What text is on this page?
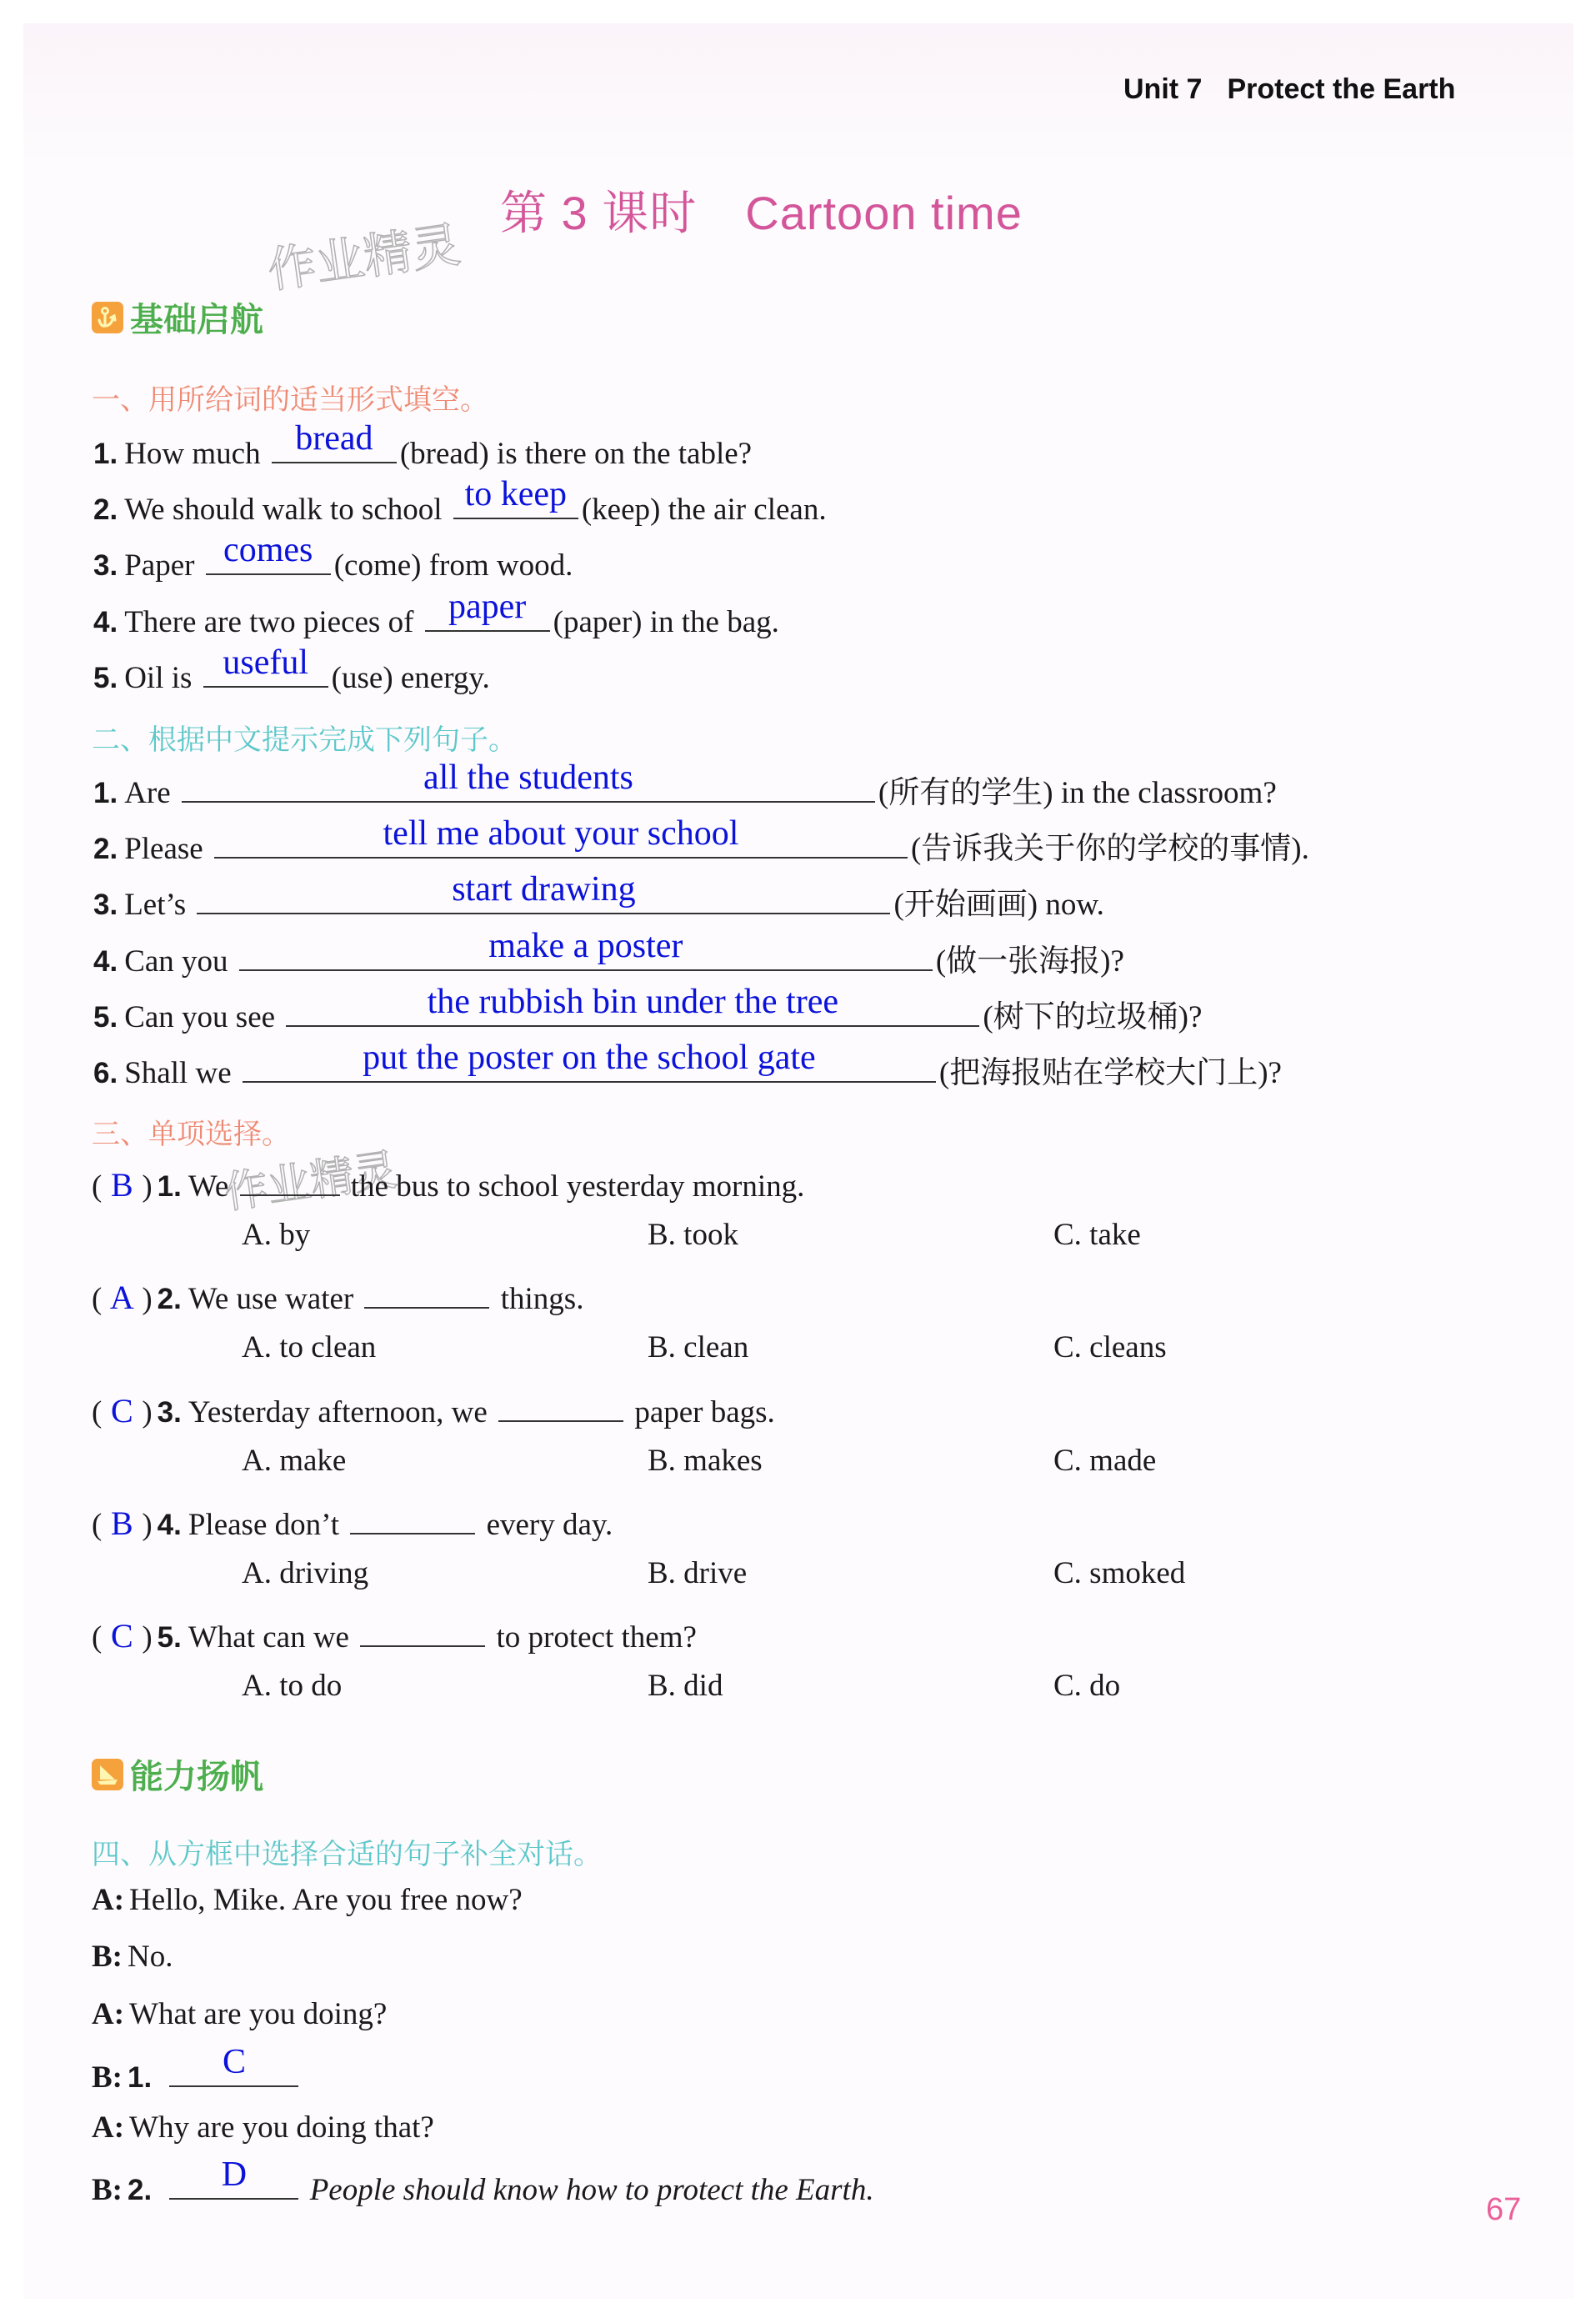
Unit 7 Protect the Earth
第 3 课时 Cartoon time
作业精灵
作业精灵
基础启航
一、用所给词的适当形式填空。
1. How much bread (bread) is there on the table?
2. We should walk to school to keep (keep) the air clean.
3. Paper comes (come) from wood.
4. There are two pieces of paper (paper) in the bag.
5. Oil is useful (use) energy.
二、根据中文提示完成下列句子。
1. Are	all the students	(所有的学生) in the classroom?
2. Please	tell me about your school	(告诉我关于你的学校的事情).
3. Let’s	start drawing	(开始画画) now.
4. Can you	make a poster	(做一张海报)?
5. Can you see	the rubbish bin under the tree	(树下的垃圾桶)?
6. Shall we	put the poster on the school gate	(把海报贴在学校大门上)?
三、单项选择。
( B ) 1. We	the bus to school yesterday morning.
A. by	B. took	C. take
( A ) 2. We use water	things.
A. to clean	B. clean	C. cleans
( C ) 3. Yesterday afternoon, we	paper bags.
A. make	B. makes	C. made
( B ) 4. Please don’t	every day.
A. driving	B. drive	C. smoked
( C ) 5. What can we	to protect them?
A. to do	B. did	C. do
能力扬帆
四、从方框中选择合适的句子补全对话。
A: Hello, Mike. Are you free now?
B: No.
A: What are you doing?
B: 1.	C
A: Why are you doing that?
B: 2.	D	People should know how to protect the Earth.
67
